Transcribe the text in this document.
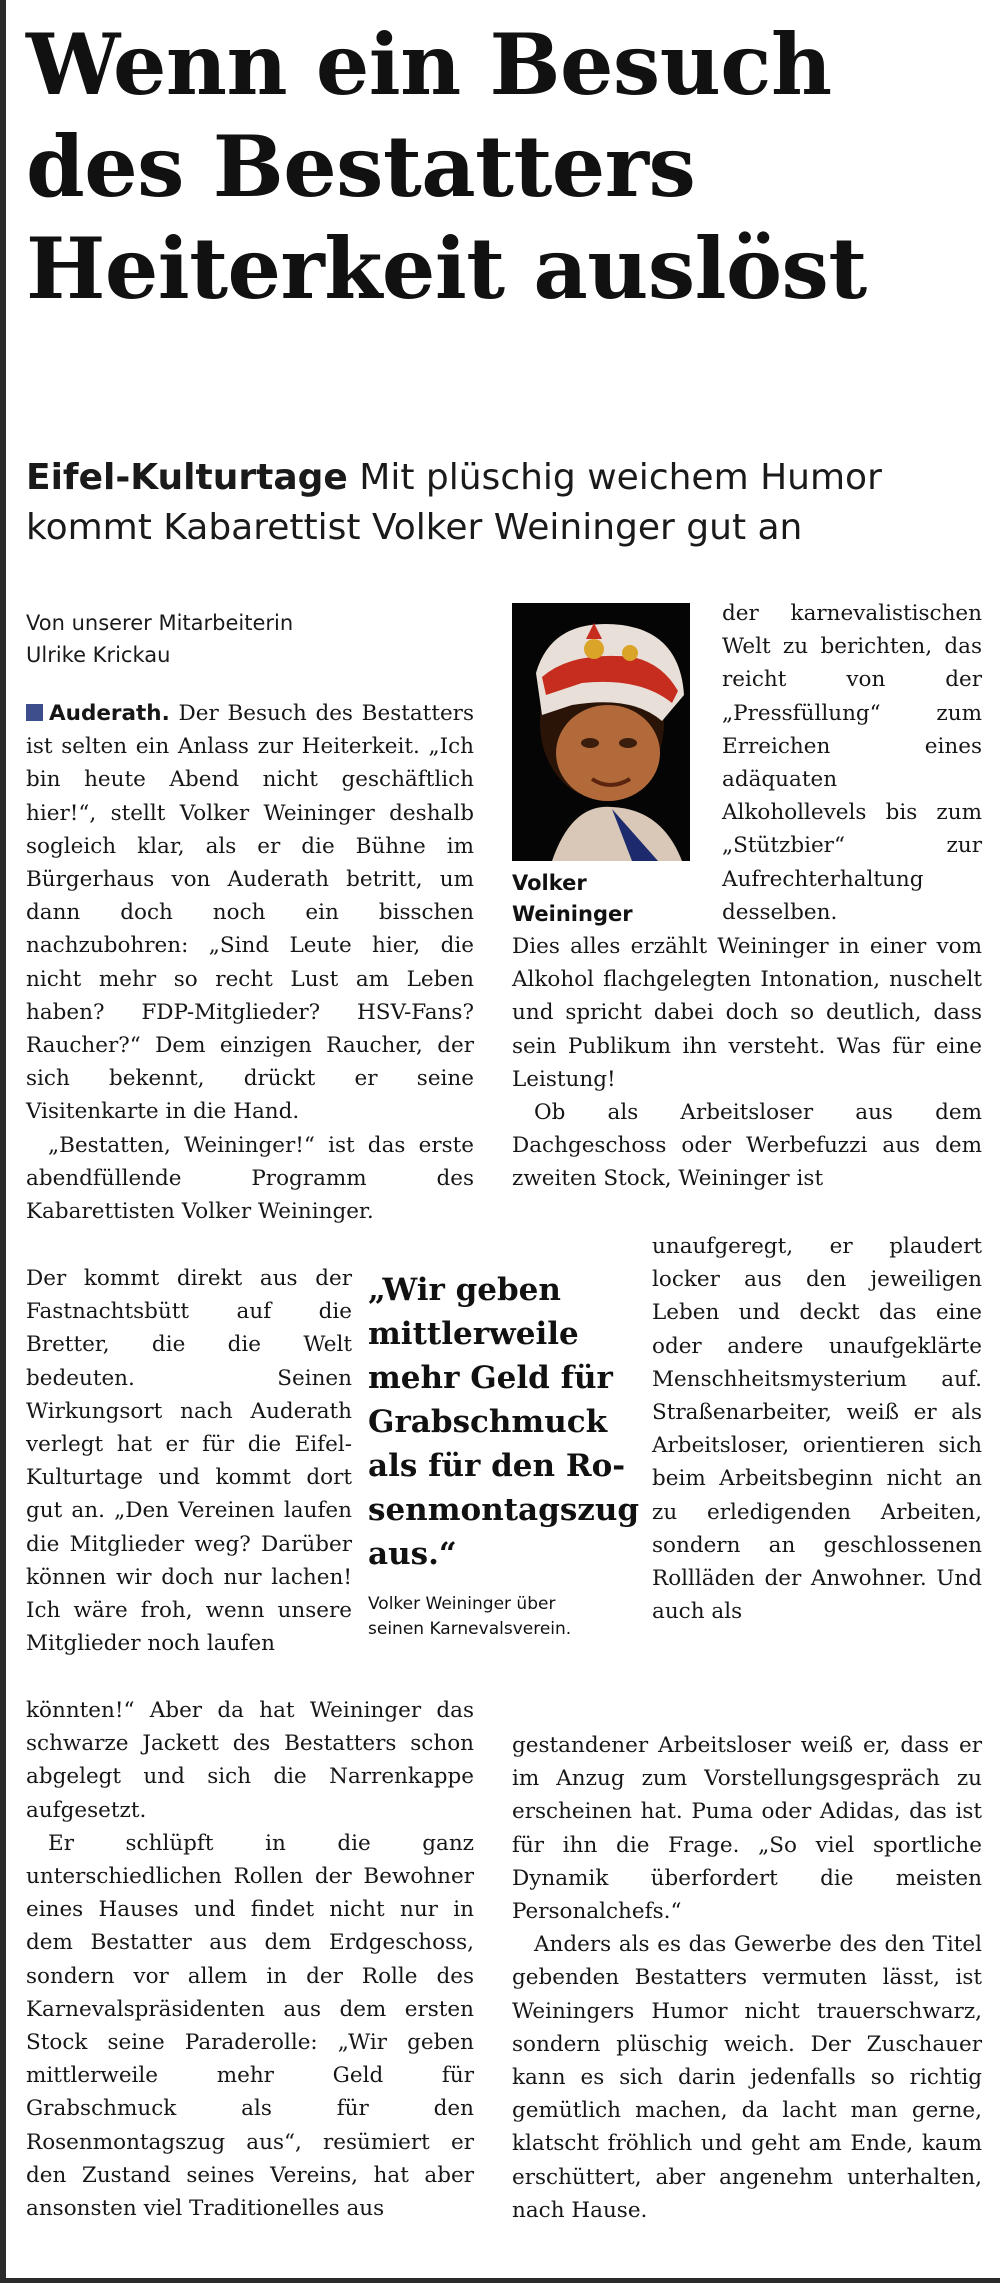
Wenn ein Besuch
des Bestatters
Heiterkeit auslöst
Eifel-Kulturtage Mit plüschig weichem Humor
kommt Kabarettist Volker Weininger gut an
Von unserer Mitarbeiterin
Ulrike Krickau

Auderath. Der Besuch des Bestatters ist selten ein Anlass zur Heiterkeit. „Ich bin heute Abend nicht geschäftlich hier!“, stellt Volker Weininger deshalb sogleich klar, als er die Bühne im Bürgerhaus von Auderath betritt, um dann doch noch ein bisschen nachzubohren: „Sind Leute hier, die nicht mehr so recht Lust am Leben haben? FDP-Mitglieder? HSV-Fans? Raucher?“ Dem einzigen Raucher, der sich bekennt, drückt er seine Visitenkarte in die Hand.

„Bestatten, Weininger!“ ist das erste abendfüllende Programm des Kabarettisten Volker Weininger.

Der kommt direkt aus der Fastnachtsbütt auf die Bretter, die die Welt bedeuten. Seinen Wirkungsort nach Auderath verlegt hat er für die Eifel-Kulturtage und kommt dort gut an. „Den Vereinen laufen die Mitglieder weg? Darüber können wir doch nur lachen! Ich wäre froh, wenn unsere Mitglieder noch laufen

könnten!“ Aber da hat Weininger das schwarze Jackett des Bestatters schon abgelegt und sich die Narrenkappe aufgesetzt.

Er schlüpft in die ganz unterschiedlichen Rollen der Bewohner eines Hauses und findet nicht nur in dem Bestatter aus dem Erdgeschoss, sondern vor allem in der Rolle des Karnevalspräsidenten aus dem ersten Stock seine Paraderolle: „Wir geben mittlerweile mehr Geld für Grabschmuck als für den Rosenmontagszug aus“, resümiert er den Zustand seines Vereins, hat aber ansonsten viel Traditionelles aus

Volker
Weininger

der karnevalistischen Welt zu berichten, das reicht von der „Pressfüllung“ zum Erreichen eines adäquaten Alkohollevels bis zum „Stützbier“ zur Aufrechterhaltung desselben.

Dies alles erzählt Weininger in einer vom Alkohol flachgelegten Intonation, nuschelt und spricht dabei doch so deutlich, dass sein Publikum ihn versteht. Was für eine Leistung!

Ob als Arbeitsloser aus dem Dachgeschoss oder Werbefuzzi aus dem zweiten Stock, Weininger ist

unaufgeregt, er plaudert locker aus den jeweiligen Leben und deckt das eine oder andere unaufgeklärte Menschheitsmysterium auf. Straßenarbeiter, weiß er als Arbeitsloser, orientieren sich beim Arbeitsbeginn nicht an zu erledigenden Arbeiten, sondern an geschlossenen Rollläden der Anwohner. Und auch als

gestandener Arbeitsloser weiß er, dass er im Anzug zum Vorstellungsgespräch zu erscheinen hat. Puma oder Adidas, das ist für ihn die Frage. „So viel sportliche Dynamik überfordert die meisten Personalchefs.“

Anders als es das Gewerbe des den Titel gebenden Bestatters vermuten lässt, ist Weiningers Humor nicht trauerschwarz, sondern plüschig weich. Der Zuschauer kann es sich darin jedenfalls so richtig gemütlich machen, da lacht man gerne, klatscht fröhlich und geht am Ende, kaum erschüttert, aber angenehm unterhalten, nach Hause.

„Wir geben
mittlerweile
mehr Geld für
Grabschmuck
als für den Ro-
senmontagszug
aus.“
Volker Weininger über
seinen Karnevalsverein.
